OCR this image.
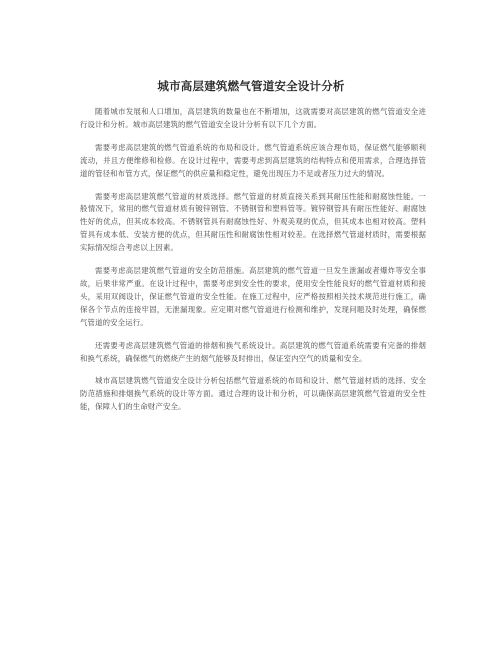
城市高层建筑燃气管道安全设计分析

随着城市发展和人口增加，高层建筑的数量也在不断增加，这就需要对高层建筑的燃气管道安全进行设计和分析。城市高层建筑的燃气管道安全设计分析有以下几个方面。

需要考虑高层建筑的燃气管道系统的布局和设计。燃气管道系统应该合理布局，保证燃气能够顺利流动，并且方便维修和检修。在设计过程中，需要考虑到高层建筑的结构特点和使用需求，合理选择管道的管径和布管方式，保证燃气的供应量和稳定性，避免出现压力不足或者压力过大的情况。

需要考虑高层建筑燃气管道的材质选择。燃气管道的材质直接关系到其耐压性能和耐腐蚀性能。一般情况下，常用的燃气管道材质有镀锌钢管、不锈钢管和塑料管等。镀锌钢管具有耐压性能好、耐腐蚀性好的优点，但其成本较高。不锈钢管具有耐腐蚀性好、外观美观的优点，但其成本也相对较高。塑料管具有成本低、安装方便的优点，但其耐压性和耐腐蚀性相对较差。在选择燃气管道材质时，需要根据实际情况综合考虑以上因素。

需要考虑高层建筑燃气管道的安全防范措施。高层建筑的燃气管道一旦发生泄漏或者爆炸等安全事故，后果非常严重。在设计过程中，需要考虑到安全性的要求，使用安全性能良好的燃气管道材质和接头，采用双阀设计，保证燃气管道的安全性能。在施工过程中，应严格按照相关技术规范进行施工，确保各个节点的连接牢固，无泄漏现象。应定期对燃气管道进行检测和维护，发现问题及时处理，确保燃气管道的安全运行。

还需要考虑高层建筑燃气管道的排烟和换气系统设计。高层建筑的燃气管道系统需要有完备的排烟和换气系统，确保燃气的燃烧产生的烟气能够及时排出，保证室内空气的质量和安全。

城市高层建筑燃气管道安全设计分析包括燃气管道系统的布局和设计、燃气管道材质的选择、安全防范措施和排烟换气系统的设计等方面。通过合理的设计和分析，可以确保高层建筑燃气管道的安全性能，保障人们的生命财产安全。
